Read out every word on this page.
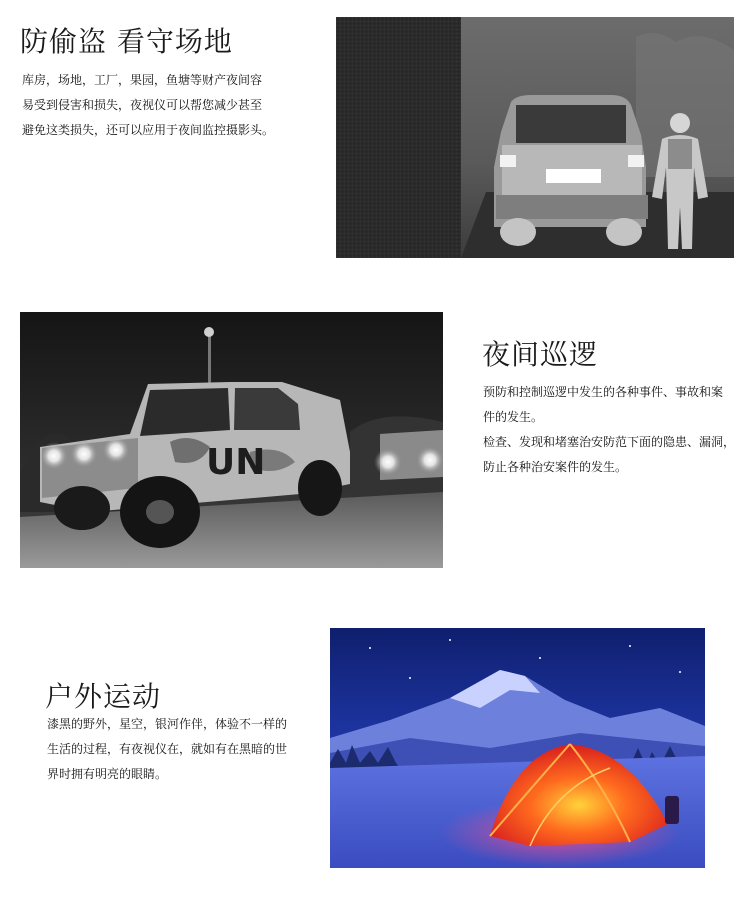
防偷盗 看守场地
库房，场地，工厂，果园，鱼塘等财产夜间容
易受到侵害和损失，夜视仪可以帮您减少甚至
避免这类损失，还可以应用于夜间监控摄影头。
UN
夜间巡逻
预防和控制巡逻中发生的各种事件、事故和案
件的发生。
检查、发现和堵塞治安防范下面的隐患、漏洞，
防止各种治安案件的发生。
户外运动
漆黑的野外，星空，银河作伴，体验不一样的
生活的过程，有夜视仪在，就如有在黑暗的世
界时拥有明亮的眼睛。
